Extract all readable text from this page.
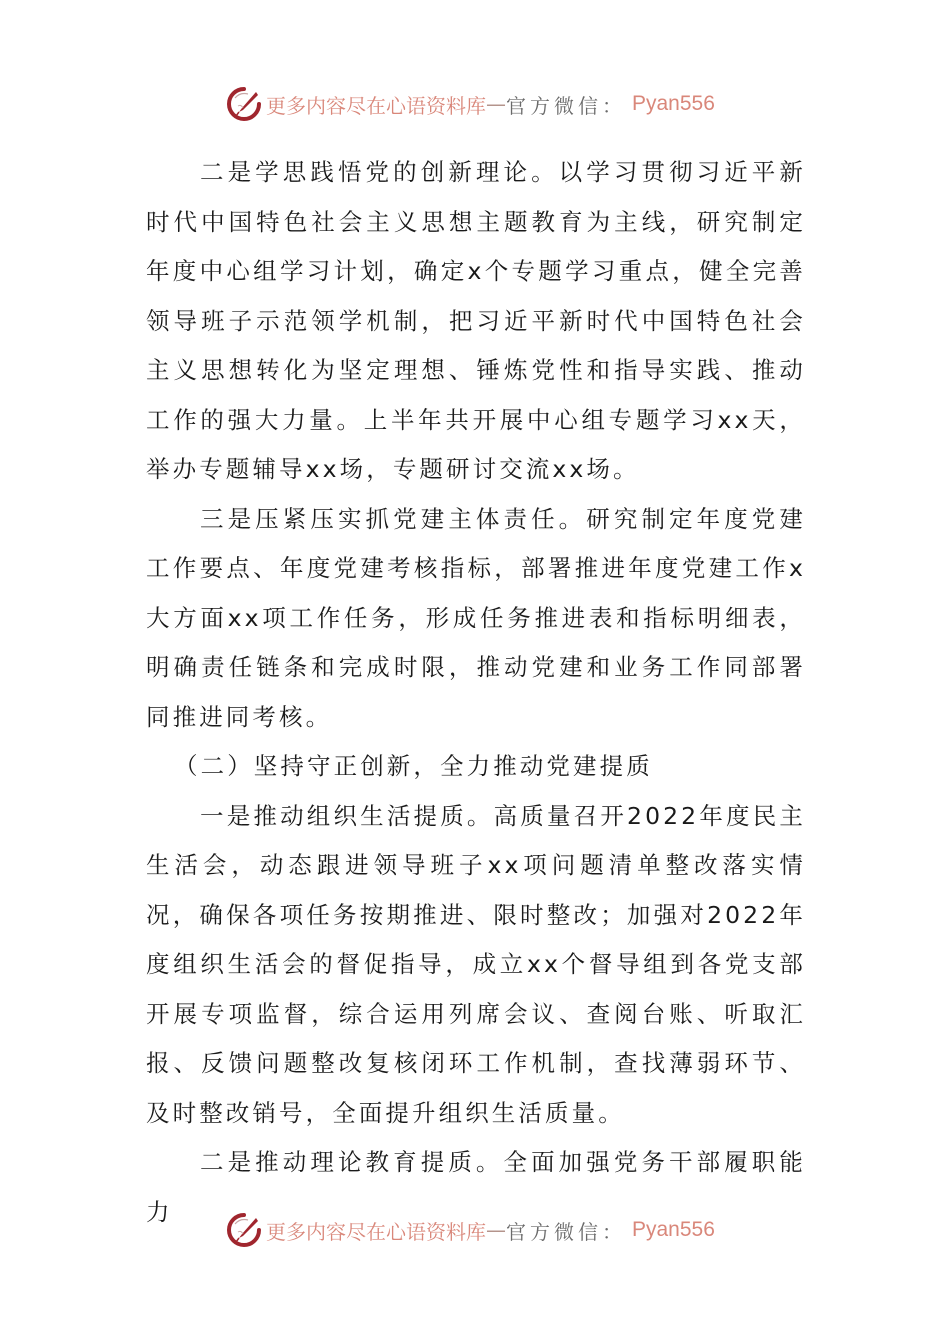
更多内容尽在心语资料库 — 官方微信： Pyan556

二是学思践悟党的创新理论。以学习贯彻习近平新时代中国特色社会主义思想主题教育为主线，研究制定年度中心组学习计划，确定x个专题学习重点，健全完善领导班子示范领学机制，把习近平新时代中国特色社会主义思想转化为坚定理想、锤炼党性和指导实践、推动工作的强大力量。上半年共开展中心组专题学习xx天，举办专题辅导xx场，专题研讨交流xx场。

三是压紧压实抓党建主体责任。研究制定年度党建工作要点、年度党建考核指标，部署推进年度党建工作x大方面xx项工作任务，形成任务推进表和指标明细表，明确责任链条和完成时限，推动党建和业务工作同部署同推进同考核。

（二）坚持守正创新，全力推动党建提质

一是推动组织生活提质。高质量召开2022年度民主生活会，动态跟进领导班子xx项问题清单整改落实情况，确保各项任务按期推进、限时整改；加强对2022年度组织生活会的督促指导，成立xx个督导组到各党支部开展专项监督，综合运用列席会议、查阅台账、听取汇报、反馈问题整改复核闭环工作机制，查找薄弱环节、及时整改销号，全面提升组织生活质量。

二是推动理论教育提质。全面加强党务干部履职能力

更多内容尽在心语资料库 — 官方微信： Pyan556
